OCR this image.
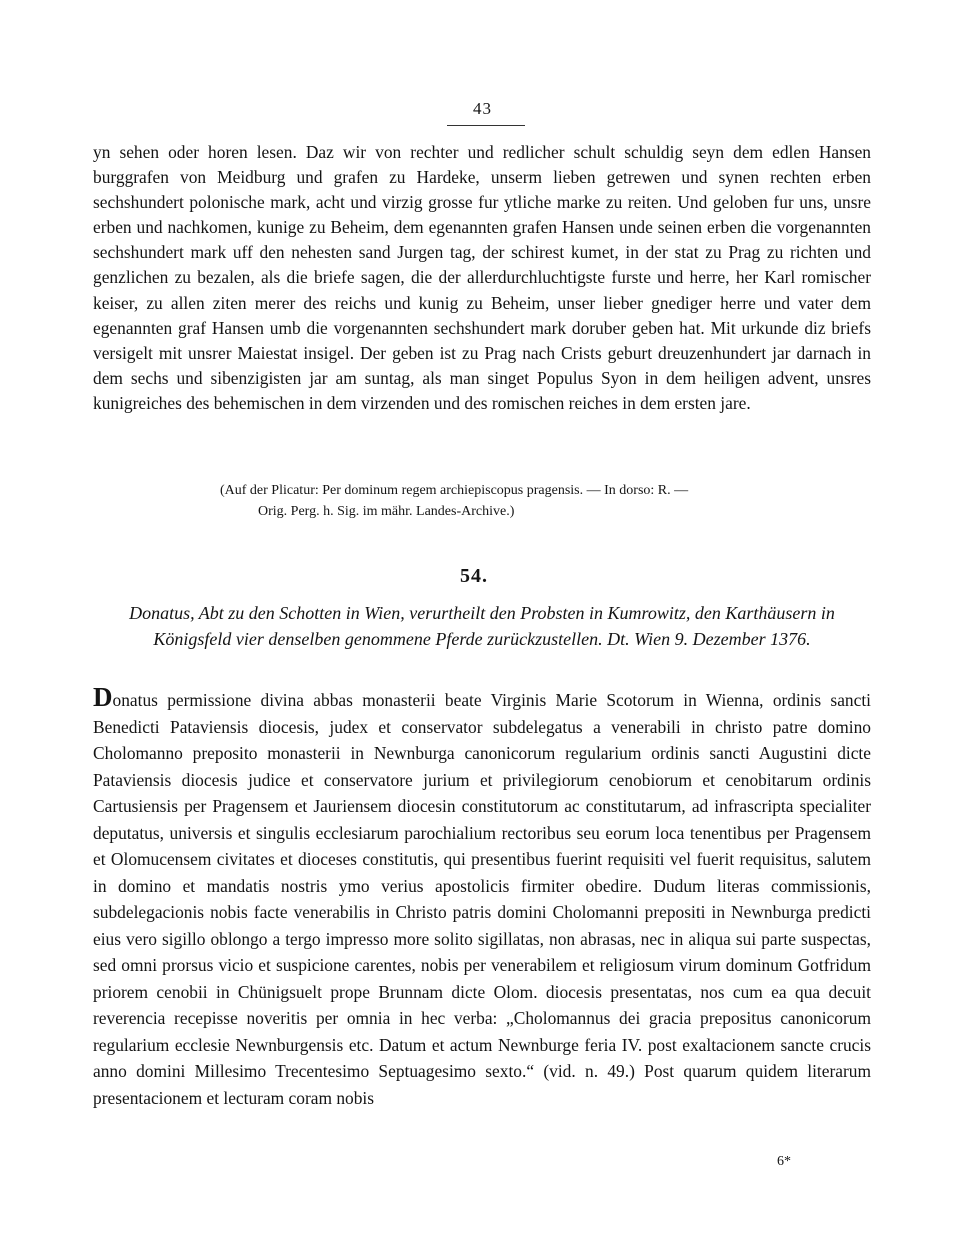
43

yn sehen oder horen lesen. Daz wir von rechter und redlicher schult schuldig seyn dem edlen Hansen burggrafen von Meidburg und grafen zu Hardeke, unserm lieben getrewen und synen rechten erben sechshundert polonische mark, acht und virzig grosse fur ytliche marke zu reiten. Und geloben fur uns, unsre erben und nachkomen, kunige zu Beheim, dem egenannten grafen Hansen unde seinen erben die vorgenannten sechshundert mark uff den nehesten sand Jurgen tag, der schirest kumet, in der stat zu Prag zu richten und genzlichen zu bezalen, als die briefe sagen, die der allerdurchluchtigste furste und herre, her Karl romischer keiser, zu allen ziten merer des reichs und kunig zu Beheim, unser lieber gnediger herre und vater dem egenannten graf Hansen umb die vorgenannten sechshundert mark doruber geben hat. Mit urkunde diz briefs versigelt mit unsrer Maiestat insigel. Der geben ist zu Prag nach Crists geburt dreuzenhundert jar darnach in dem sechs und sibenzigisten jar am suntag, als man singet Populus Syon in dem heiligen advent, unsres kunigreiches des behemischen in dem virzenden und des romischen reiches in dem ersten jare.

(Auf der Plicatur: Per dominum regem archiepiscopus pragensis. — In dorso: R. —
Orig. Perg. h. Sig. im mähr. Landes-Archive.)
54.

Donatus, Abt zu den Schotten in Wien, verurtheilt den Probsten in Kumrowitz, den Karthäusern in Königsfeld vier denselben genommene Pferde zurückzustellen. Dt. Wien 9. Dezember 1376.

Donatus permissione divina abbas monasterii beate Virginis Marie Scotorum in Wienna, ordinis sancti Benedicti Pataviensis diocesis, judex et conservator subdelegatus a venerabili in christo patre domino Cholomanno preposito monasterii in Newnburga canonicorum regularium ordinis sancti Augustini dicte Pataviensis diocesis judice et conservatore jurium et privilegiorum cenobiorum et cenobitarum ordinis Cartusiensis per Pragensem et Jauriensem diocesin constitutorum ac constitutarum, ad infrascripta specialiter deputatus, universis et singulis ecclesiarum parochialium rectoribus seu eorum loca tenentibus per Pragensem et Olomucensem civitates et dioceses constitutis, qui presentibus fuerint requisiti vel fuerit requisitus, salutem in domino et mandatis nostris ymo verius apostolicis firmiter obedire. Dudum literas commissionis, subdelegacionis nobis facte venerabilis in Christo patris domini Cholomanni prepositi in Newnburga predicti eius vero sigillo oblongo a tergo impresso more solito sigillatas, non abrasas, nec in aliqua sui parte suspectas, sed omni prorsus vicio et suspicione carentes, nobis per venerabilem et religiosum virum dominum Gotfridum priorem cenobii in Chünigsuelt prope Brunnam dicte Olom. diocesis presentatas, nos cum ea qua decuit reverencia recepisse noveritis per omnia in hec verba: „Cholomannus dei gracia prepositus canonicorum regularium ecclesie Newnburgensis etc. Datum et actum Newnburge feria IV. post exaltacionem sancte crucis anno domini Millesimo Trecentesimo Septuagesimo sexto.“ (vid. n. 49.) Post quarum quidem literarum presentacionem et lecturam coram nobis

6*
